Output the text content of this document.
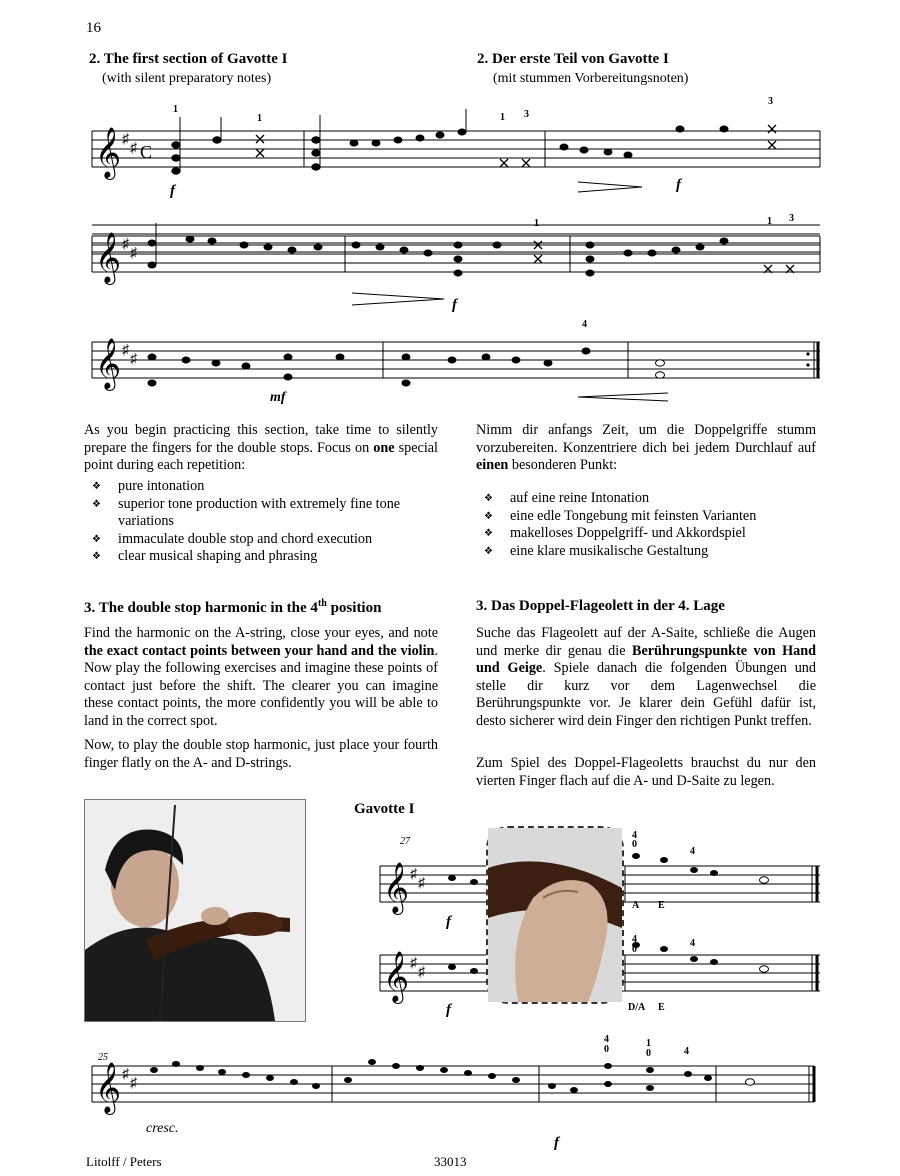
16
2. The first section of Gavotte I
(with silent preparatory notes)
2. Der erste Teil von Gavotte I
(mit stummen Vorbereitungsnoten)
𝄞 ♯
♯ C
f	f
1
1	1 3
3
𝄞 ♯
♯
1	1 3
f
𝄞 ♯
♯
4
mf
As you begin practicing this section, take time to silently prepare the fingers for the double stops. Focus on one special point during each repetition:
❖ pure intonation
❖ superior tone production with extremely fine tone variations
❖ immaculate double stop and chord execution
❖ clear musical shaping and phrasing
Nimm dir anfangs Zeit, um die Doppelgriffe stumm vorzubereiten. Konzentriere dich bei jedem Durchlauf auf einen besonderen Punkt:
❖ auf eine reine Intonation
❖ eine edle Tongebung mit feinsten Varianten
❖ makelloses Doppelgriff- und Akkordspiel
❖ eine klare musikalische Gestaltung
3. The double stop harmonic in the 4th position	3. Das Doppel-Flageolett in der 4. Lage
Find the harmonic on the A-string, close your eyes, and note the exact contact points between your hand and the violin. Now play the following exercises and imagine these points of contact just before the shift. The clearer you can imagine these contact points, the more confidently you will be able to land in the correct spot.
Now, to play the double stop harmonic, just place your fourth finger flatly on the A- and D-strings.
Suche das Flageolett auf der A-Saite, schließe die Augen und merke dir genau die Berührungspunkte von Hand und Geige. Spiele danach die folgenden Übungen und stelle dir kurz vor dem Lagenwechsel die Berührungspunkte vor. Je klarer dein Gefühl dafür ist, desto sicherer wird dein Finger den richtigen Punkt treffen.
Zum Spiel des Doppel-Flageoletts brauchst du nur den vierten Finger flach auf die A- und D-Saite zu legen.
Gavotte I
27
𝄞 ♯
♯
𝄞 ♯
♯
f
f
4
0
4
4
0
4
A E
D/A E
25
𝄞 ♯
♯
cresc.
f
4
0
1
0	4
Litolff / Peters	33013
